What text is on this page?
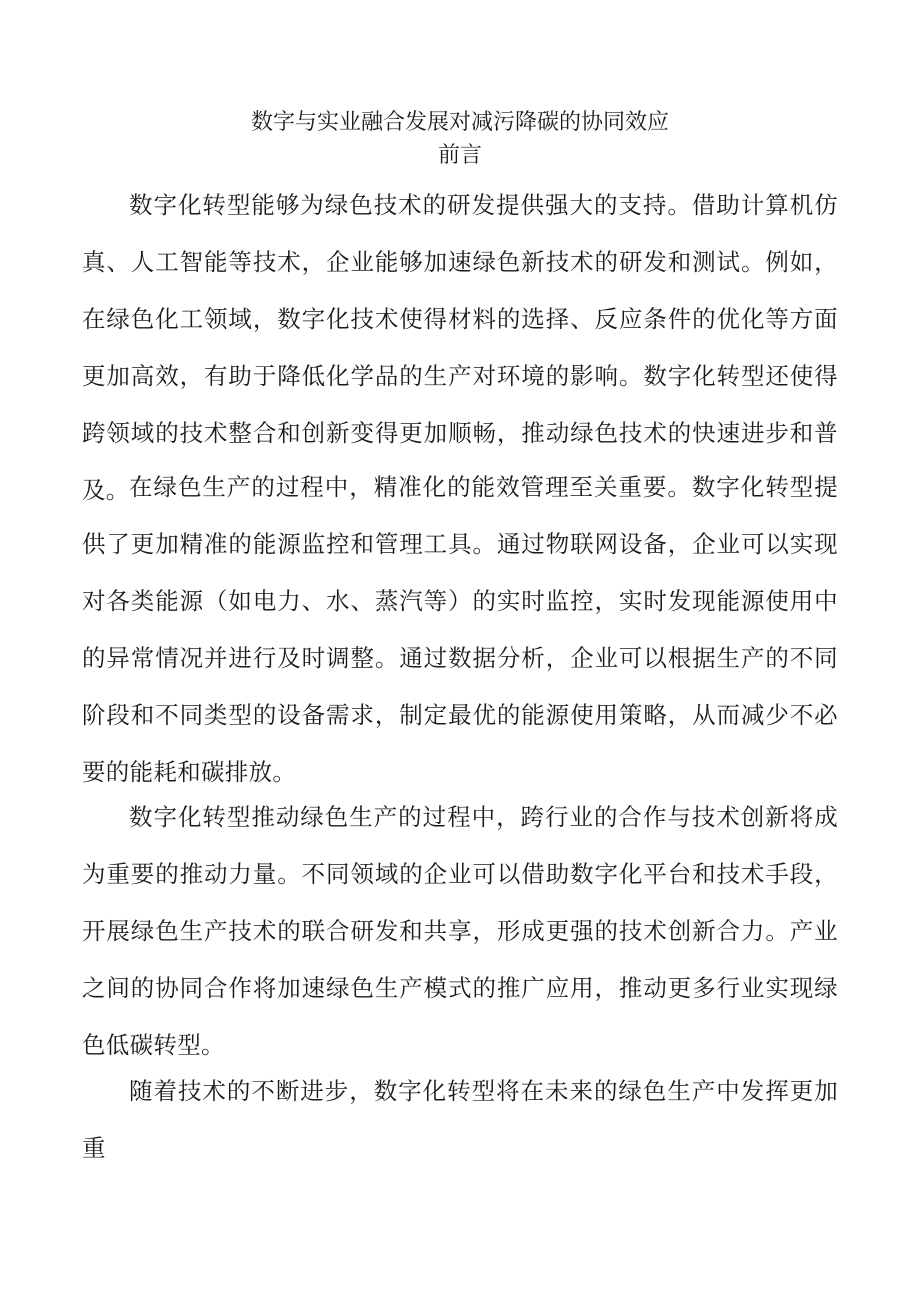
数字与实业融合发展对减污降碳的协同效应
前言

数字化转型能够为绿色技术的研发提供强大的支持。借助计算机仿真、人工智能等技术，企业能够加速绿色新技术的研发和测试。例如，在绿色化工领域，数字化技术使得材料的选择、反应条件的优化等方面更加高效，有助于降低化学品的生产对环境的影响。数字化转型还使得跨领域的技术整合和创新变得更加顺畅，推动绿色技术的快速进步和普及。 在绿色生产的过程中，精准化的能效管理至关重要。数字化转型提供了更加精准的能源监控和管理工具。通过物联网设备，企业可以实现对各类能源（如电力、水、蒸汽等）的实时监控，实时发现能源使用中的异常情况并进行及时调整。通过数据分析，企业可以根据生产的不同阶段和不同类型的设备需求，制定最优的能源使用策略，从而减少不必要的能耗和碳排放。

数字化转型推动绿色生产的过程中，跨行业的合作与技术创新将成为重要的推动力量。不同领域的企业可以借助数字化平台和技术手段，开展绿色生产技术的联合研发和共享，形成更强的技术创新合力。产业之间的协同合作将加速绿色生产模式的推广应用，推动更多行业实现绿色低碳转型。

随着技术的不断进步，数字化转型将在未来的绿色生产中发挥更加重
